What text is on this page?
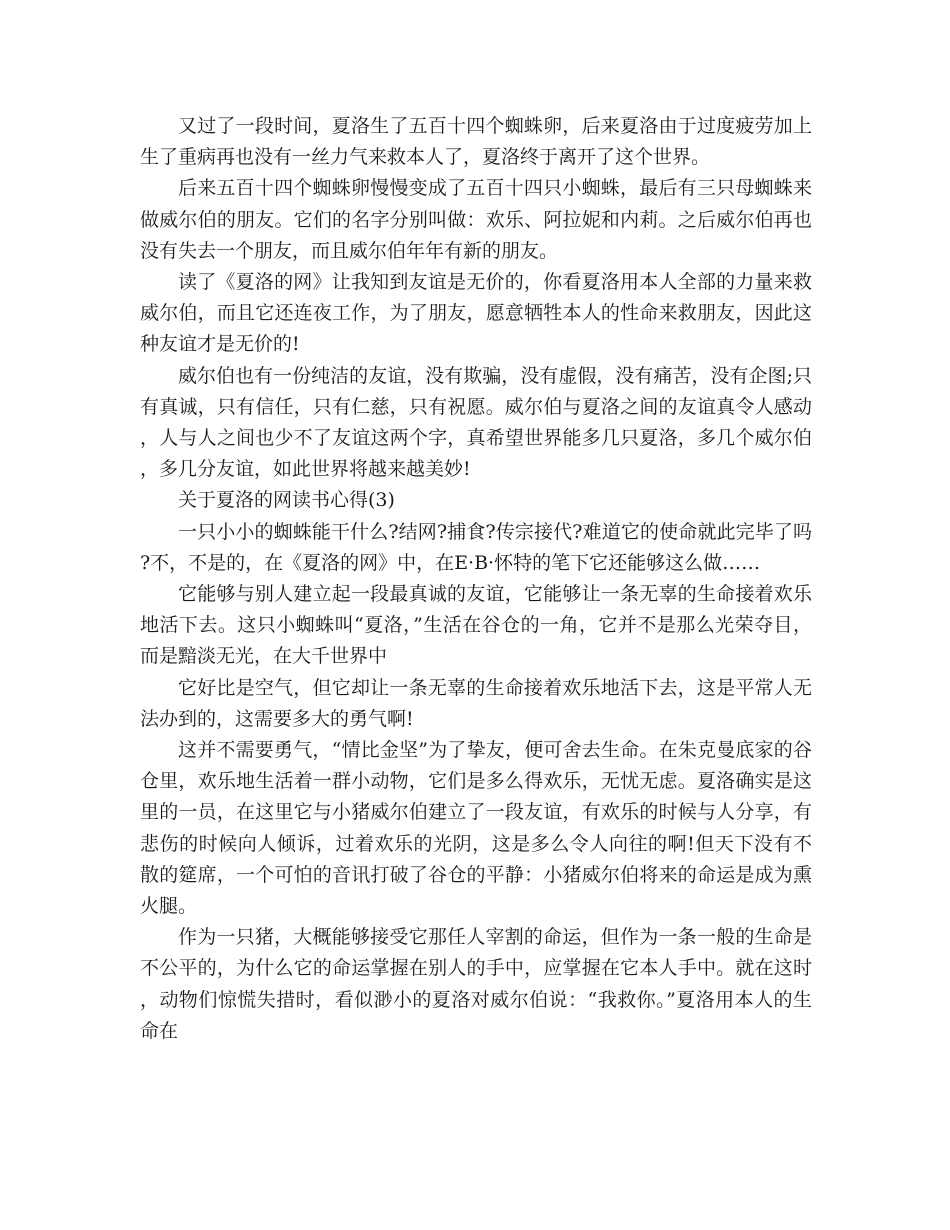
又过了一段时间，夏洛生了五百十四个蜘蛛卵，后来夏洛由于过度疲劳加上生了重病再也没有一丝力气来救本人了，夏洛终于离开了这个世界。

后来五百十四个蜘蛛卵慢慢变成了五百十四只小蜘蛛，最后有三只母蜘蛛来做威尔伯的朋友。它们的名字分别叫做：欢乐、阿拉妮和内莉。之后威尔伯再也没有失去一个朋友，而且威尔伯年年有新的朋友。

读了《夏洛的网》让我知到友谊是无价的，你看夏洛用本人全部的力量来救威尔伯，而且它还连夜工作，为了朋友，愿意牺牲本人的性命来救朋友，因此这种友谊才是无价的!

威尔伯也有一份纯洁的友谊，没有欺骗，没有虚假，没有痛苦，没有企图;只有真诚，只有信任，只有仁慈，只有祝愿。威尔伯与夏洛之间的友谊真令人感动，人与人之间也少不了友谊这两个字，真希望世界能多几只夏洛，多几个威尔伯，多几分友谊，如此世界将越来越美妙!

关于夏洛的网读书心得(3)

一只小小的蜘蛛能干什么?结网?捕食?传宗接代?难道它的使命就此完毕了吗?不，不是的，在《夏洛的网》中，在E·B·怀特的笔下它还能够这么做……

它能够与别人建立起一段最真诚的友谊，它能够让一条无辜的生命接着欢乐地活下去。这只小蜘蛛叫“夏洛，”生活在谷仓的一角，它并不是那么光荣夺目，而是黯淡无光，在大千世界中

它好比是空气，但它却让一条无辜的生命接着欢乐地活下去，这是平常人无法办到的，这需要多大的勇气啊!

这并不需要勇气，“情比金坚”为了挚友，便可舍去生命。在朱克曼底家的谷仓里，欢乐地生活着一群小动物，它们是多么得欢乐，无忧无虑。夏洛确实是这里的一员，在这里它与小猪威尔伯建立了一段友谊，有欢乐的时候与人分享，有悲伤的时候向人倾诉，过着欢乐的光阴，这是多么令人向往的啊!但天下没有不散的筵席，一个可怕的音讯打破了谷仓的平静：小猪威尔伯将来的命运是成为熏火腿。

作为一只猪，大概能够接受它那任人宰割的命运，但作为一条一般的生命是不公平的，为什么它的命运掌握在别人的手中，应掌握在它本人手中。就在这时，动物们惊慌失措时，看似渺小的夏洛对威尔伯说：“我救你。”夏洛用本人的生命在
